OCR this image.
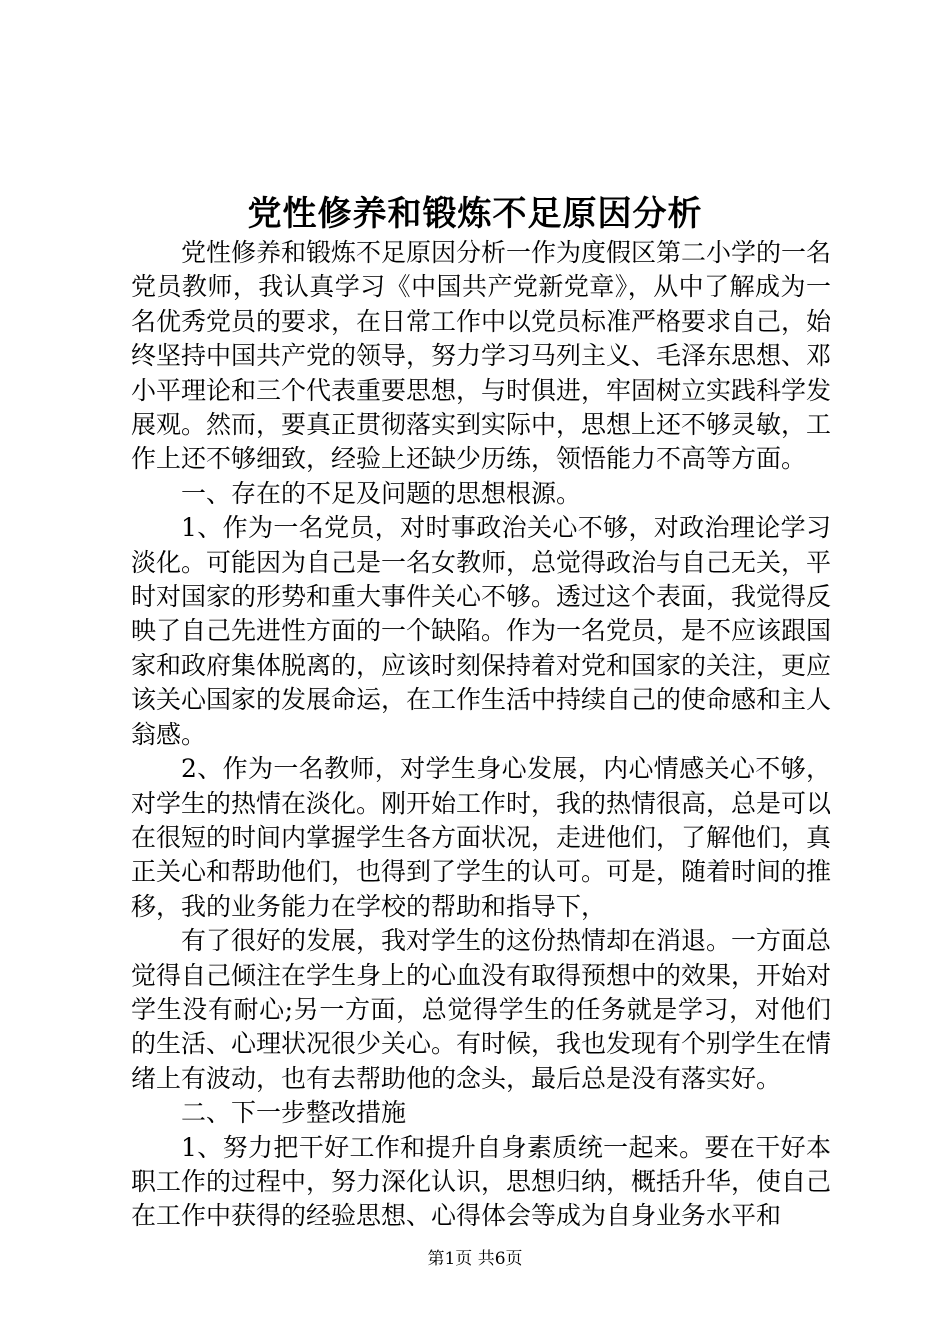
党性修养和锻炼不足原因分析

党性修养和锻炼不足原因分析一作为度假区第二小学的一名党员教师，我认真学习《中国共产党新党章》，从中了解成为一名优秀党员的要求，在日常工作中以党员标准严格要求自己，始终坚持中国共产党的领导，努力学习马列主义、毛泽东思想、邓小平理论和三个代表重要思想，与时俱进，牢固树立实践科学发展观。然而，要真正贯彻落实到实际中，思想上还不够灵敏，工作上还不够细致，经验上还缺少历练，领悟能力不高等方面。

一、存在的不足及问题的思想根源。

1、作为一名党员，对时事政治关心不够，对政治理论学习淡化。可能因为自己是一名女教师，总觉得政治与自己无关，平时对国家的形势和重大事件关心不够。透过这个表面，我觉得反映了自己先进性方面的一个缺陷。作为一名党员，是不应该跟国家和政府集体脱离的，应该时刻保持着对党和国家的关注，更应该关心国家的发展命运，在工作生活中持续自己的使命感和主人翁感。

2、作为一名教师，对学生身心发展，内心情感关心不够，对学生的热情在淡化。刚开始工作时，我的热情很高，总是可以在很短的时间内掌握学生各方面状况，走进他们，了解他们，真正关心和帮助他们，也得到了学生的认可。可是，随着时间的推移，我的业务能力在学校的帮助和指导下，

有了很好的发展，我对学生的这份热情却在消退。一方面总觉得自己倾注在学生身上的心血没有取得预想中的效果，开始对学生没有耐心;另一方面，总觉得学生的任务就是学习，对他们的生活、心理状况很少关心。有时候，我也发现有个别学生在情绪上有波动，也有去帮助他的念头，最后总是没有落实好。

二、下一步整改措施

1、努力把干好工作和提升自身素质统一起来。要在干好本职工作的过程中，努力深化认识，思想归纳，概括升华，使自己在工作中获得的经验思想、心得体会等成为自身业务水平和

第1页 共6页
